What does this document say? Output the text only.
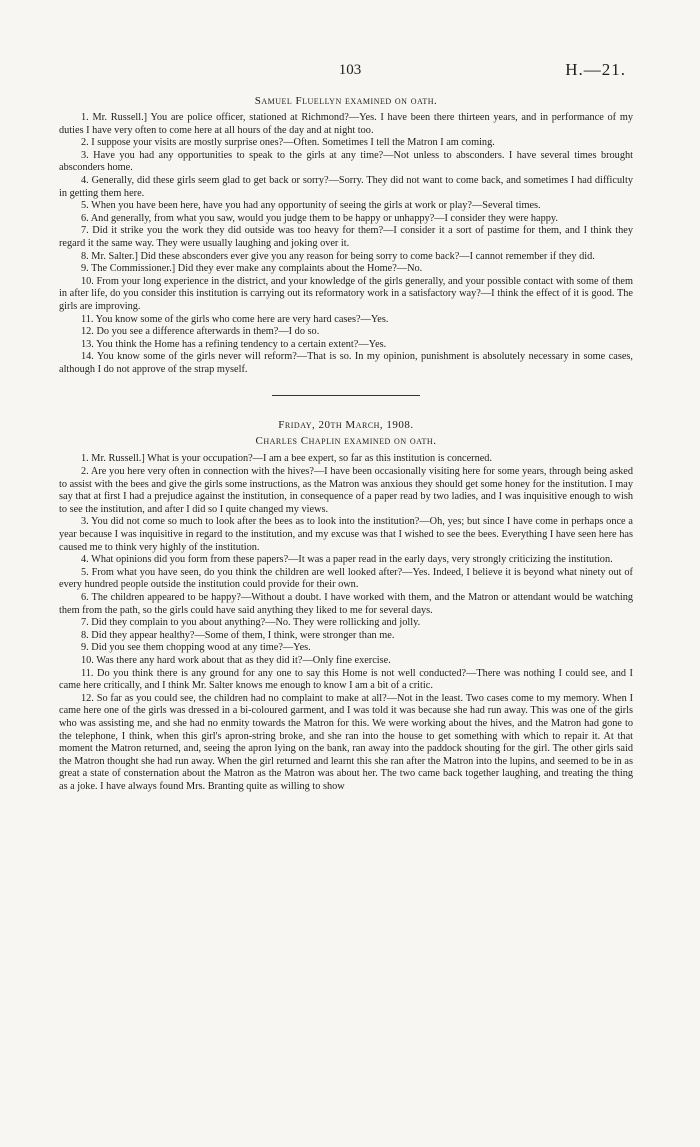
103	H.—21.

Samuel Fluellyn examined on oath.

1. Mr. Russell.] You are police officer, stationed at Richmond?—Yes. I have been there thirteen years, and in performance of my duties I have very often to come here at all hours of the day and at night too.

2. I suppose your visits are mostly surprise ones?—Often. Sometimes I tell the Matron I am coming.

3. Have you had any opportunities to speak to the girls at any time?—Not unless to absconders. I have several times brought absconders home.

4. Generally, did these girls seem glad to get back or sorry?—Sorry. They did not want to come back, and sometimes I had difficulty in getting them here.

5. When you have been here, have you had any opportunity of seeing the girls at work or play?—Several times.

6. And generally, from what you saw, would you judge them to be happy or unhappy?—I consider they were happy.

7. Did it strike you the work they did outside was too heavy for them?—I consider it a sort of pastime for them, and I think they regard it the same way. They were usually laughing and joking over it.

8. Mr. Salter.] Did these absconders ever give you any reason for being sorry to come back?—I cannot remember if they did.

9. The Commissioner.] Did they ever make any complaints about the Home?—No.

10. From your long experience in the district, and your knowledge of the girls generally, and your possible contact with some of them in after life, do you consider this institution is carrying out its reformatory work in a satisfactory way?—I think the effect of it is good. The girls are improving.

11. You know some of the girls who come here are very hard cases?—Yes.

12. Do you see a difference afterwards in them?—I do so.

13. You think the Home has a refining tendency to a certain extent?—Yes.

14. You know some of the girls never will reform?—That is so. In my opinion, punishment is absolutely necessary in some cases, although I do not approve of the strap myself.

Friday, 20th March, 1908.

Charles Chaplin examined on oath.

1. Mr. Russell.] What is your occupation?—I am a bee expert, so far as this institution is concerned.

2. Are you here very often in connection with the hives?—I have been occasionally visiting here for some years, through being asked to assist with the bees and give the girls some instructions, as the Matron was anxious they should get some honey for the institution. I may say that at first I had a prejudice against the institution, in consequence of a paper read by two ladies, and I was inquisitive enough to wish to see the institution, and after I did so I quite changed my views.

3. You did not come so much to look after the bees as to look into the institution?—Oh, yes; but since I have come in perhaps once a year because I was inquisitive in regard to the institution, and my excuse was that I wished to see the bees. Everything I have seen here has caused me to think very highly of the institution.

4. What opinions did you form from these papers?—It was a paper read in the early days, very strongly criticizing the institution.

5. From what you have seen, do you think the children are well looked after?—Yes. Indeed, I believe it is beyond what ninety out of every hundred people outside the institution could provide for their own.

6. The children appeared to be happy?—Without a doubt. I have worked with them, and the Matron or attendant would be watching them from the path, so the girls could have said anything they liked to me for several days.

7. Did they complain to you about anything?—No. They were rollicking and jolly.

8. Did they appear healthy?—Some of them, I think, were stronger than me.

9. Did you see them chopping wood at any time?—Yes.

10. Was there any hard work about that as they did it?—Only fine exercise.

11. Do you think there is any ground for any one to say this Home is not well conducted?—There was nothing I could see, and I came here critically, and I think Mr. Salter knows me enough to know I am a bit of a critic.

12. So far as you could see, the children had no complaint to make at all?—Not in the least. Two cases come to my memory. When I came here one of the girls was dressed in a bi-coloured garment, and I was told it was because she had run away. This was one of the girls who was assisting me, and she had no enmity towards the Matron for this. We were working about the hives, and the Matron had gone to the telephone, I think, when this girl's apron-string broke, and she ran into the house to get something with which to repair it. At that moment the Matron returned, and, seeing the apron lying on the bank, ran away into the paddock shouting for the girl. The other girls said the Matron thought she had run away. When the girl returned and learnt this she ran after the Matron into the lupins, and seemed to be in as great a state of consternation about the Matron as the Matron was about her. The two came back together laughing, and treating the thing as a joke. I have always found Mrs. Branting quite as willing to show
